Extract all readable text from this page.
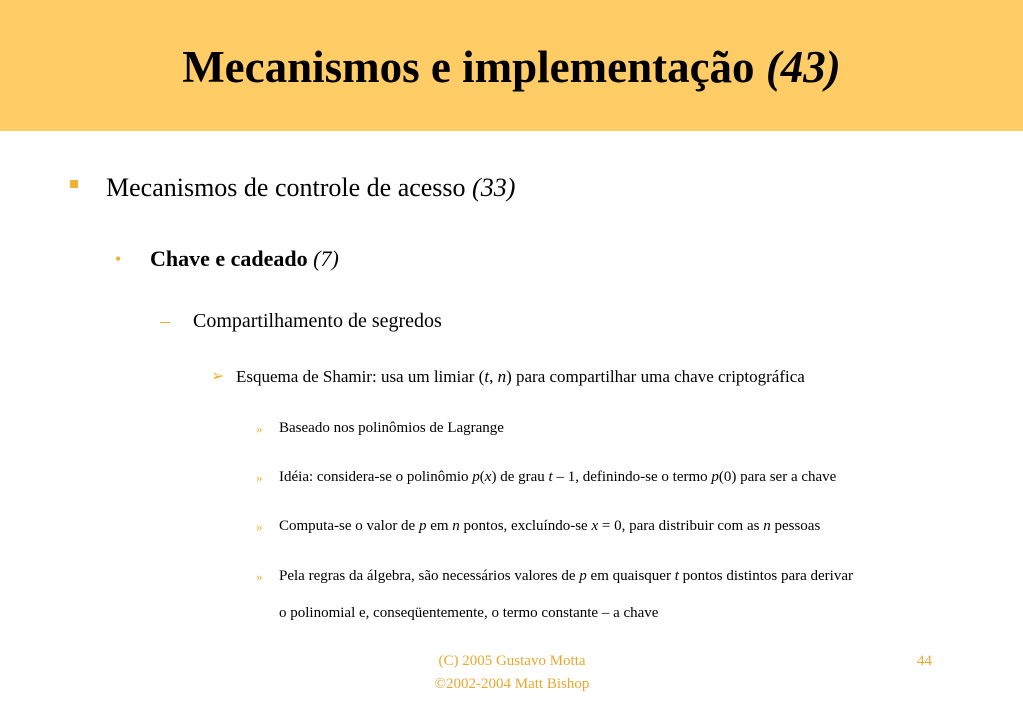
Mecanismos e implementação (43)
Mecanismos de controle de acesso (33)
• Chave e cadeado (7)
– Compartilhamento de segredos
➢ Esquema de Shamir: usa um limiar (t, n) para compartilhar uma chave criptográfica
» Baseado nos polinômios de Lagrange
» Idéia: considera-se o polinômio p(x) de grau t – 1, definindo-se o termo p(0) para ser a chave
» Computa-se o valor de p em n pontos, excluíndo-se x = 0, para distribuir com as n pessoas
» Pela regras da álgebra, são necessários valores de p em quaisquer t pontos distintos para derivar
o polinomial e, conseqüentemente, o termo constante – a chave
(C) 2005 Gustavo Motta
©2002-2004 Matt Bishop
44
